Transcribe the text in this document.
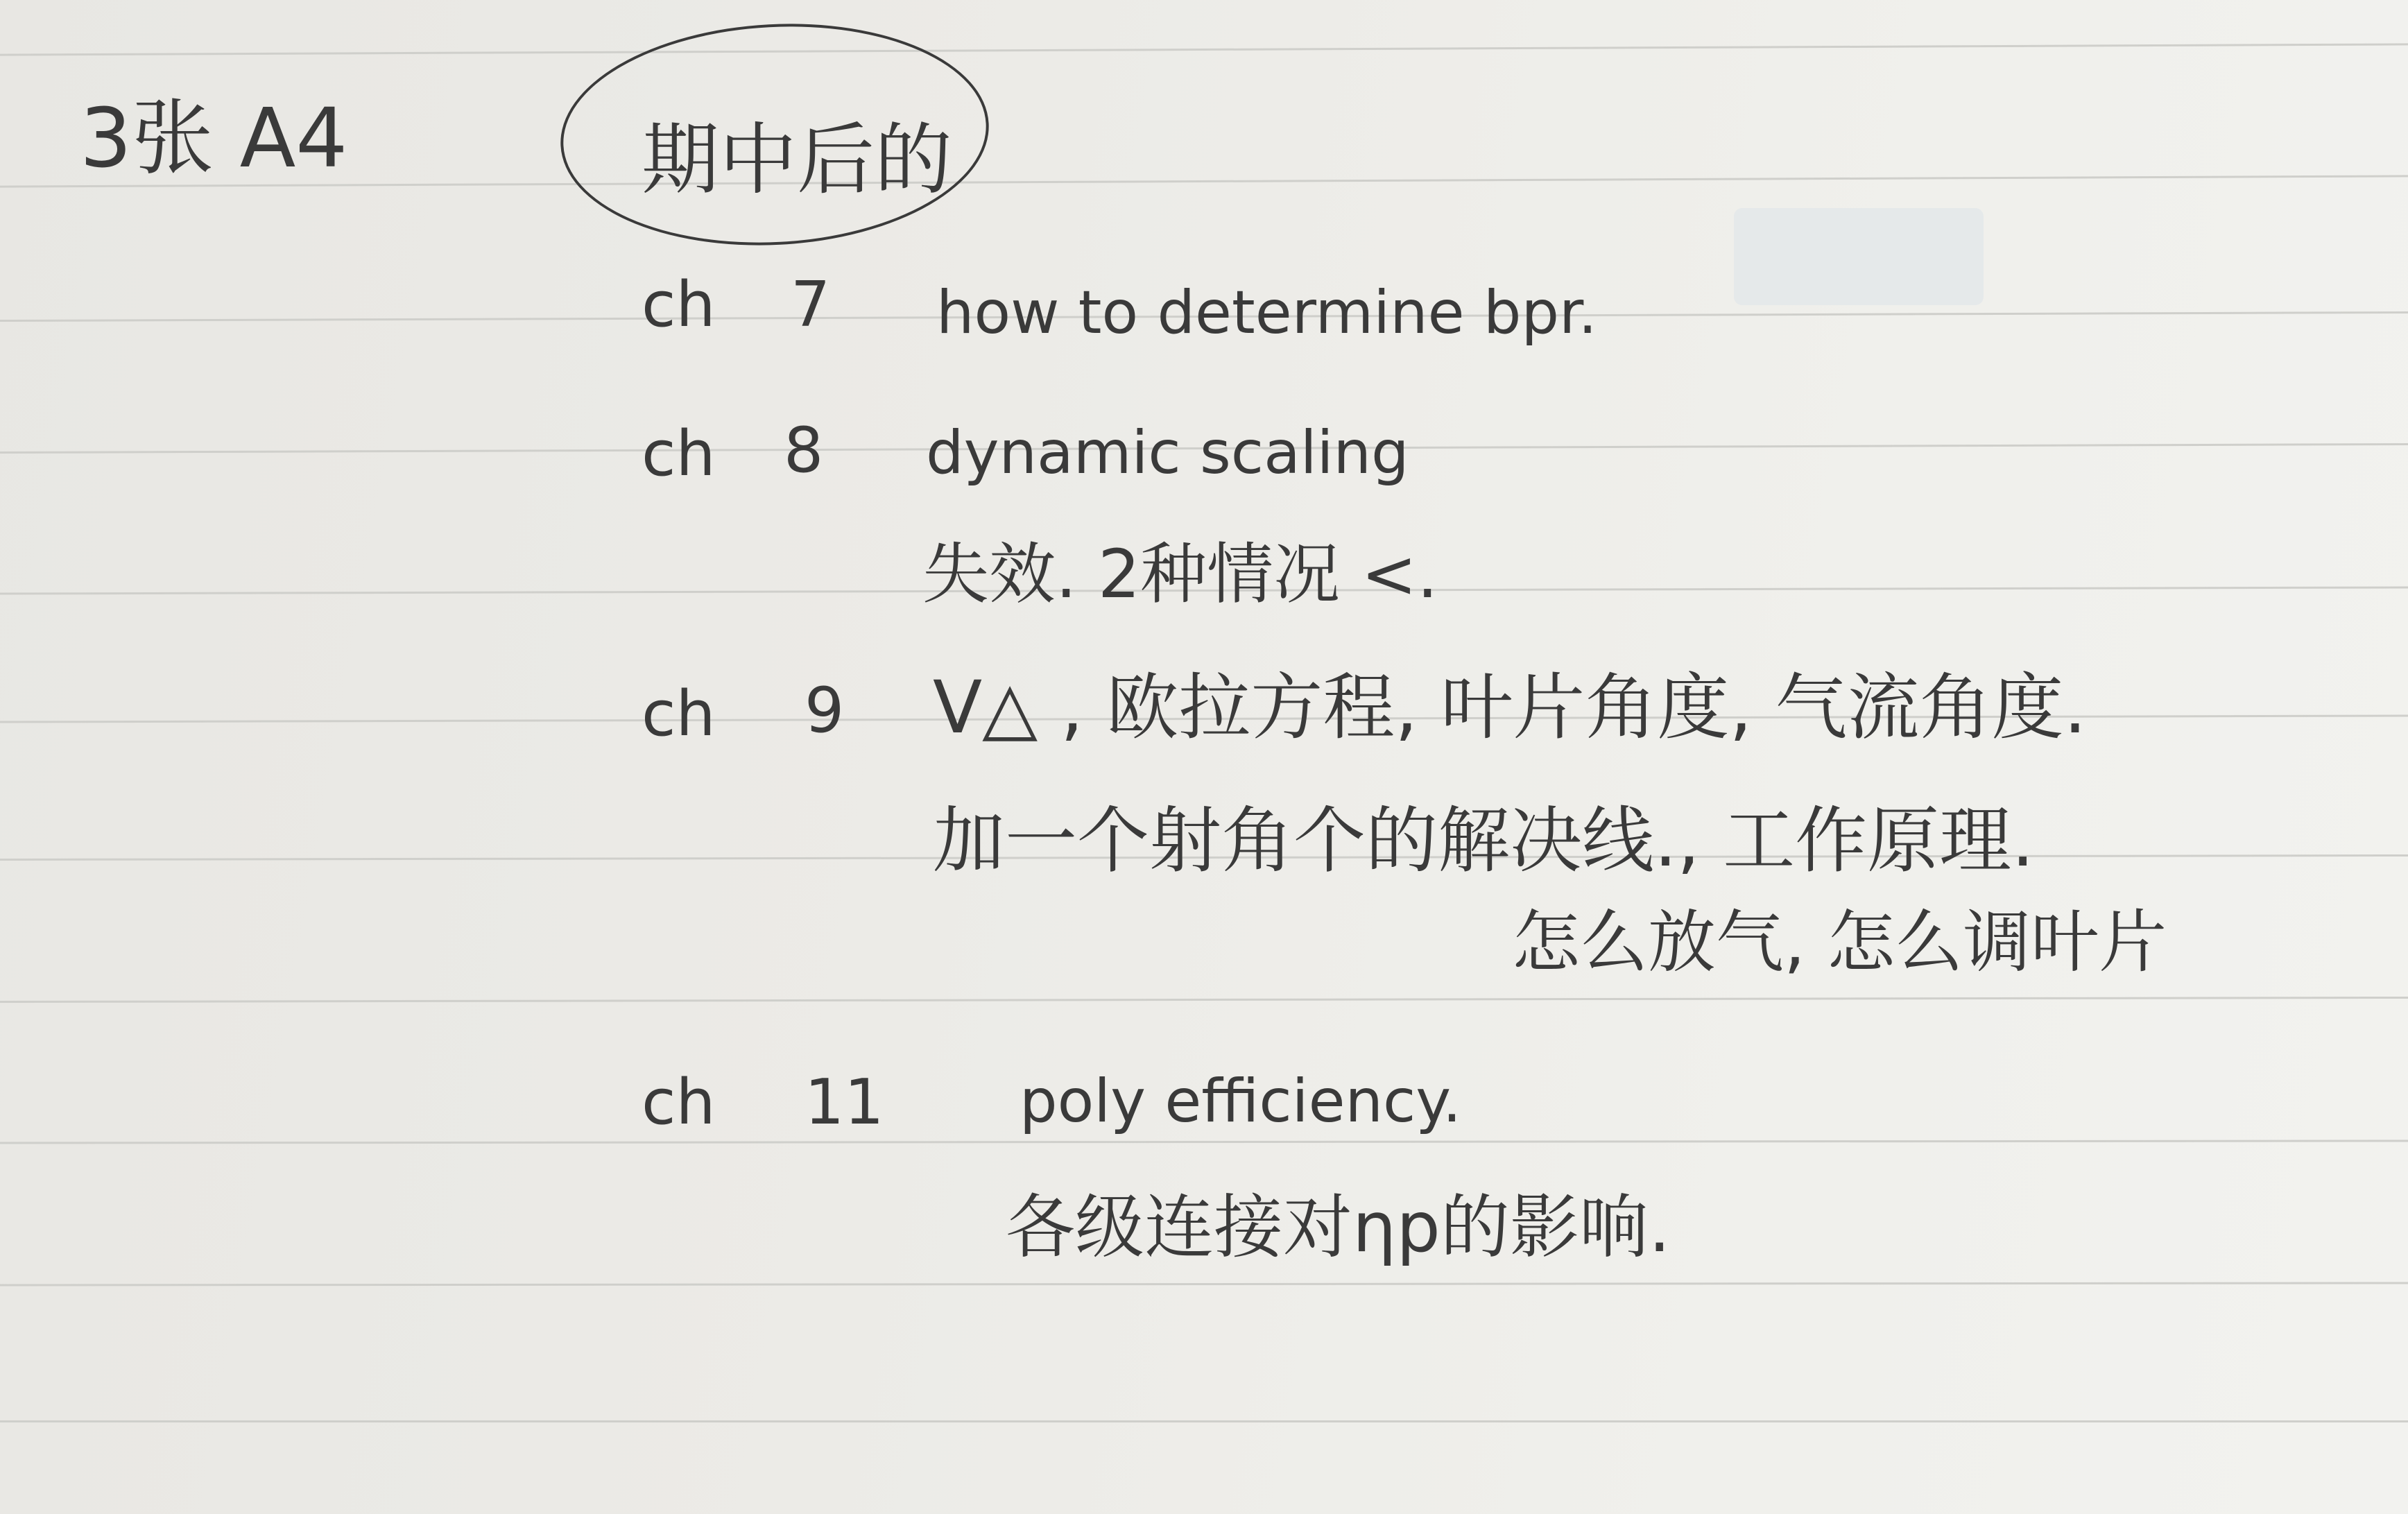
3张 A4	期中后的
ch 7 how to determine bpr.
ch 8 dynamic scaling
失效. 2种情况 <.
ch 9 V△ , 欧拉方程, 叶片角度, 气流角度.
加一个射角个的解决线., 工作原理.
怎么放气, 怎么调叶片
ch 11 poly efficiency.
各级连接对ηp的影响.
